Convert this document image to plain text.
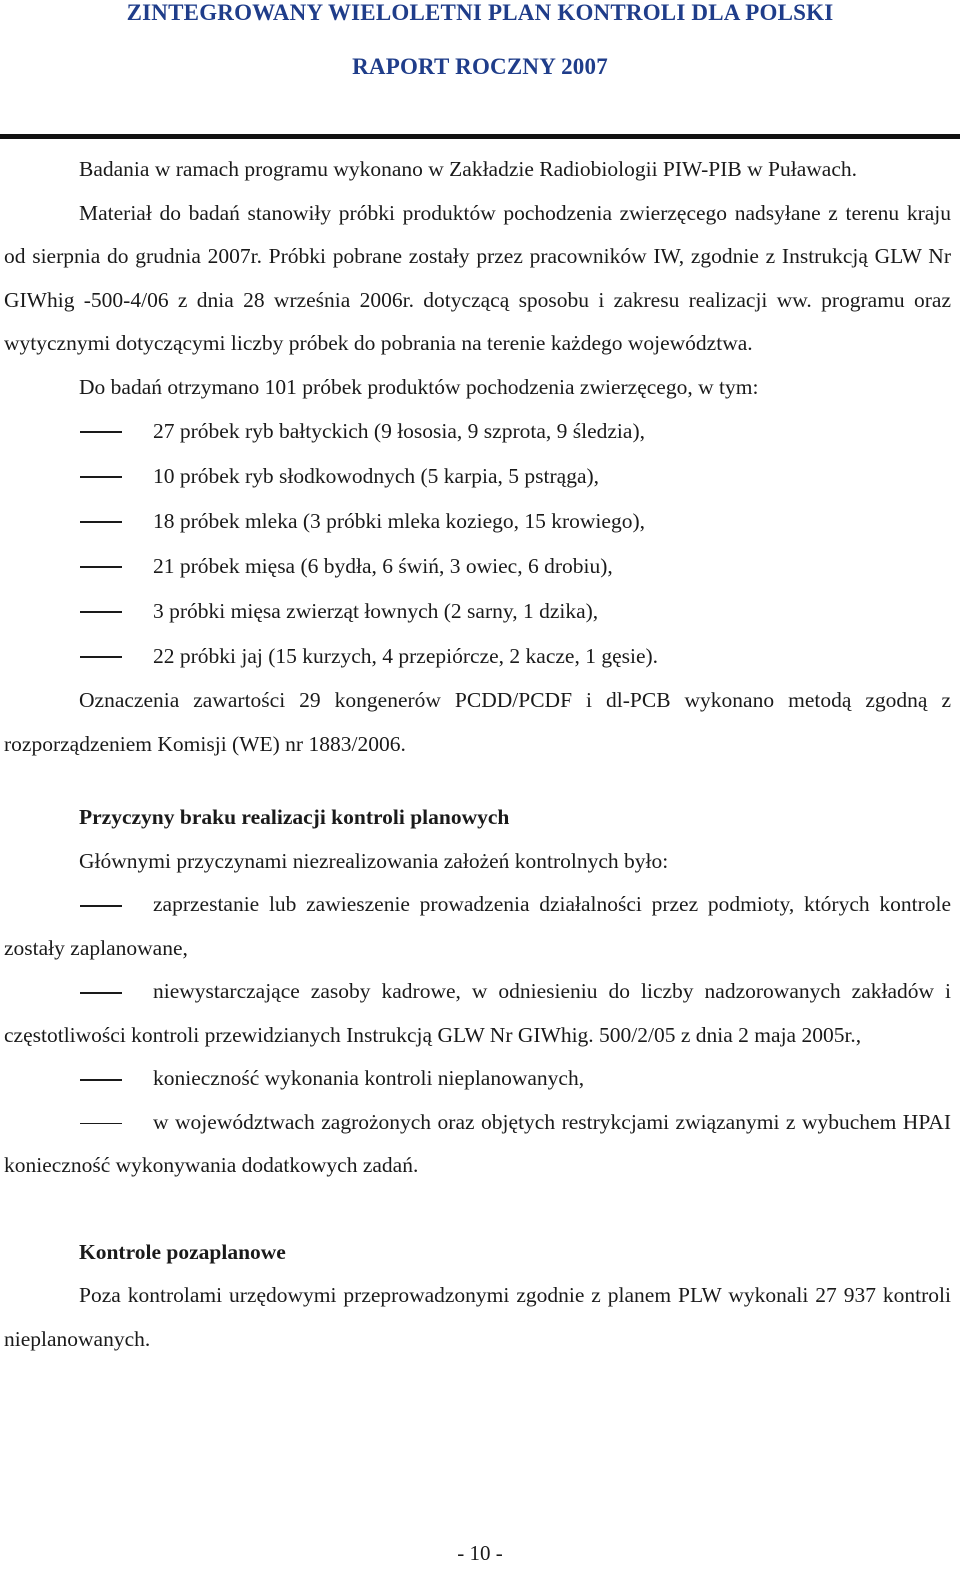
ZINTEGROWANY WIELOLETNI PLAN KONTROLI DLA POLSKI
RAPORT ROCZNY 2007

Badania w ramach programu wykonano w Zakładzie Radiobiologii PIW-PIB w Puławach.

Materiał do badań stanowiły próbki produktów pochodzenia zwierzęcego nadsyłane z terenu kraju od sierpnia do grudnia 2007r. Próbki pobrane zostały przez pracowników IW, zgodnie z Instrukcją GLW Nr GIWhig -500-4/06 z dnia 28 września 2006r. dotyczącą sposobu i zakresu realizacji ww. programu oraz wytycznymi dotyczącymi liczby próbek do pobrania na terenie każdego województwa.

Do badań otrzymano 101 próbek produktów pochodzenia zwierzęcego, w tym:

27 próbek ryb bałtyckich (9 łososia, 9 szprota, 9 śledzia),
10 próbek ryb słodkowodnych (5 karpia, 5 pstrąga),
18 próbek mleka (3 próbki mleka koziego, 15 krowiego),
21 próbek mięsa (6 bydła, 6 świń, 3 owiec, 6 drobiu),
3 próbki mięsa zwierząt łownych (2 sarny, 1 dzika),
22 próbki jaj (15 kurzych, 4 przepiórcze, 2 kacze, 1 gęsie).

Oznaczenia zawartości 29 kongenerów PCDD/PCDF i dl-PCB wykonano metodą zgodną z rozporządzeniem Komisji (WE) nr 1883/2006.

Przyczyny braku realizacji kontroli planowych

Głównymi przyczynami niezrealizowania założeń kontrolnych było:

zaprzestanie lub zawieszenie prowadzenia działalności przez podmioty, których kontrole zostały zaplanowane,

niewystarczające zasoby kadrowe, w odniesieniu do liczby nadzorowanych zakładów i częstotliwości kontroli przewidzianych Instrukcją GLW Nr GIWhig. 500/2/05 z dnia 2 maja 2005r.,

konieczność wykonania kontroli nieplanowanych,

w województwach zagrożonych oraz objętych restrykcjami związanymi z wybuchem HPAI konieczność wykonywania dodatkowych zadań.

Kontrole pozaplanowe

Poza kontrolami urzędowymi przeprowadzonymi zgodnie z planem PLW wykonali 27 937 kontroli nieplanowanych.

- 10 -
